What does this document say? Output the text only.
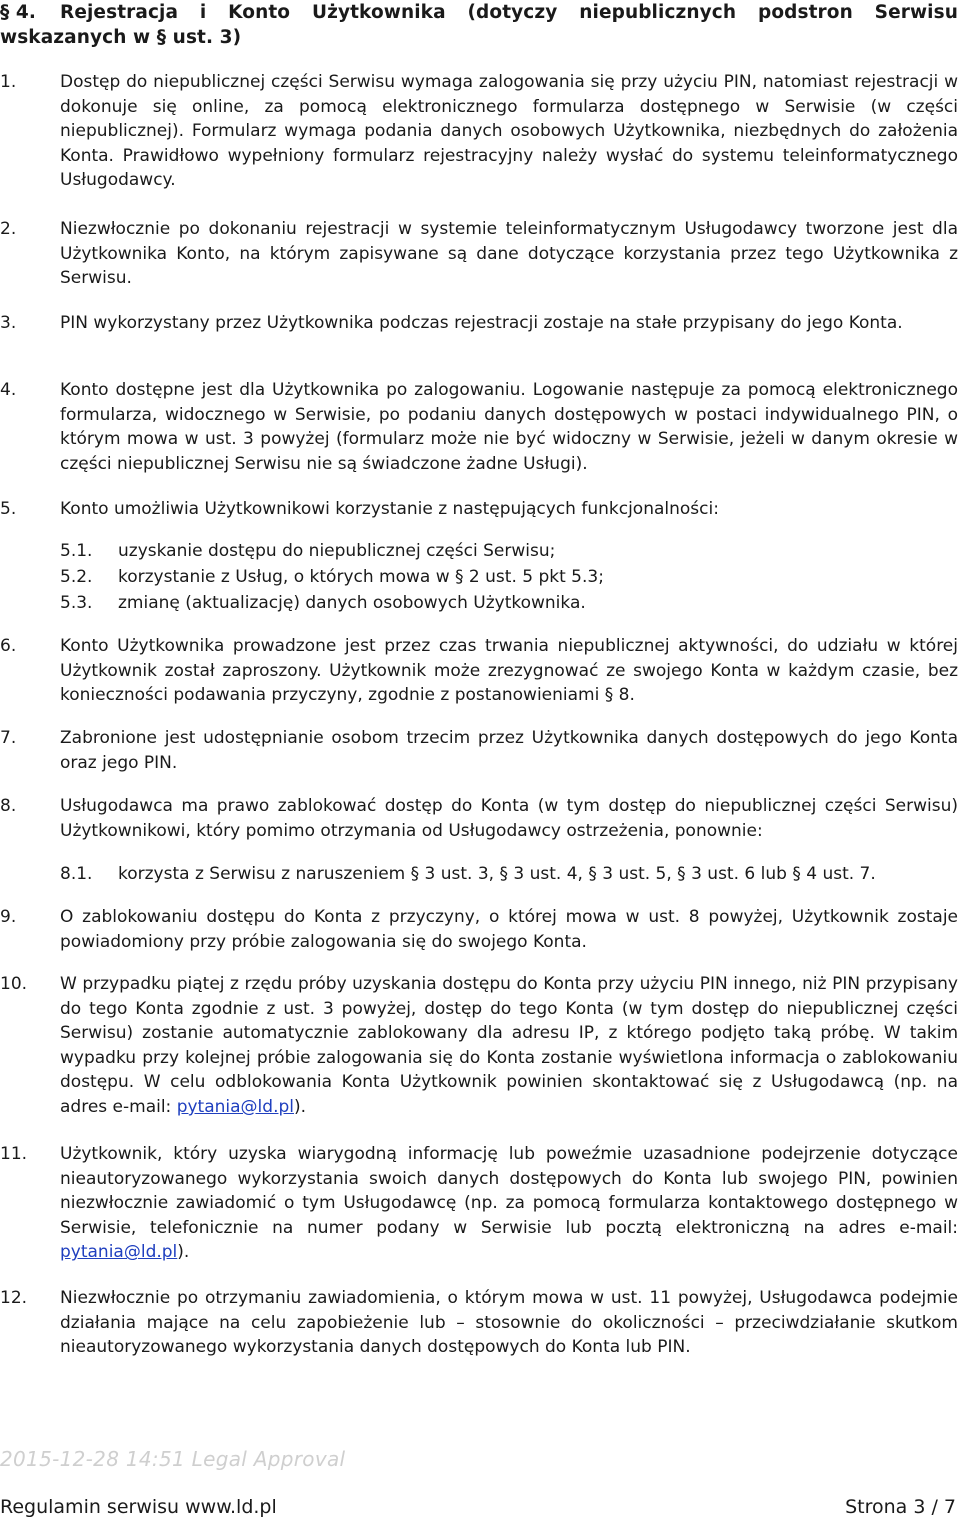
§ 4. Rejestracja i Konto Użytkownika (dotyczy niepublicznych podstron Serwisu wskazanych w § ust. 3)
1.	Dostęp do niepublicznej części Serwisu wymaga zalogowania się przy użyciu PIN, natomiast rejestracji w dokonuje się online, za pomocą elektronicznego formularza dostępnego w Serwisie (w części niepublicznej). Formularz wymaga podania danych osobowych Użytkownika, niezbędnych do założenia Konta. Prawidłowo wypełniony formularz rejestracyjny należy wysłać do systemu teleinformatycznego Usługodawcy.
2.	Niezwłocznie po dokonaniu rejestracji w systemie teleinformatycznym Usługodawcy tworzone jest dla Użytkownika Konto, na którym zapisywane są dane dotyczące korzystania przez tego Użytkownika z Serwisu.
3.	PIN wykorzystany przez Użytkownika podczas rejestracji zostaje na stałe przypisany do jego Konta.
4.	Konto dostępne jest dla Użytkownika po zalogowaniu. Logowanie następuje za pomocą elektronicznego formularza, widocznego w Serwisie, po podaniu danych dostępowych w postaci indywidualnego PIN, o którym mowa w ust. 3 powyżej (formularz może nie być widoczny w Serwisie, jeżeli w danym okresie w części niepublicznej Serwisu nie są świadczone żadne Usługi).
5.	Konto umożliwia Użytkownikowi korzystanie z następujących funkcjonalności:
5.1. uzyskanie dostępu do niepublicznej części Serwisu;
5.2. korzystanie z Usług, o których mowa w § 2 ust. 5 pkt 5.3;
5.3. zmianę (aktualizację) danych osobowych Użytkownika.
6.	Konto Użytkownika prowadzone jest przez czas trwania niepublicznej aktywności, do udziału w której Użytkownik został zaproszony. Użytkownik może zrezygnować ze swojego Konta w każdym czasie, bez konieczności podawania przyczyny, zgodnie z postanowieniami § 8.
7.	Zabronione jest udostępnianie osobom trzecim przez Użytkownika danych dostępowych do jego Konta oraz jego PIN.
8.	Usługodawca ma prawo zablokować dostęp do Konta (w tym dostęp do niepublicznej części Serwisu) Użytkownikowi, który pomimo otrzymania od Usługodawcy ostrzeżenia, ponownie:
8.1. korzysta z Serwisu z naruszeniem § 3 ust. 3, § 3 ust. 4, § 3 ust. 5, § 3 ust. 6 lub § 4 ust. 7.
9.	O zablokowaniu dostępu do Konta z przyczyny, o której mowa w ust. 8 powyżej, Użytkownik zostaje powiadomiony przy próbie zalogowania się do swojego Konta.
10. W przypadku piątej z rzędu próby uzyskania dostępu do Konta przy użyciu PIN innego, niż PIN przypisany do tego Konta zgodnie z ust. 3 powyżej, dostęp do tego Konta (w tym dostęp do niepublicznej części Serwisu) zostanie automatycznie zablokowany dla adresu IP, z którego podjęto taką próbę. W takim wypadku przy kolejnej próbie zalogowania się do Konta zostanie wyświetlona informacja o zablokowaniu dostępu. W celu odblokowania Konta Użytkownik powinien skontaktować się z Usługodawcą (np. na adres e-mail: pytania@ld.pl).
11. Użytkownik, który uzyska wiarygodną informację lub poweźmie uzasadnione podejrzenie dotyczące nieautoryzowanego wykorzystania swoich danych dostępowych do Konta lub swojego PIN, powinien niezwłocznie zawiadomić o tym Usługodawcę (np. za pomocą formularza kontaktowego dostępnego w Serwisie, telefonicznie na numer podany w Serwisie lub pocztą elektroniczną na adres e-mail: pytania@ld.pl).
12. Niezwłocznie po otrzymaniu zawiadomienia, o którym mowa w ust. 11 powyżej, Usługodawca podejmie działania mające na celu zapobieżenie lub – stosownie do okoliczności – przeciwdziałanie skutkom nieautoryzowanego wykorzystania danych dostępowych do Konta lub PIN.
2015-12-28 14:51 Legal Approval
Regulamin serwisu www.ld.pl	Strona 3 / 7
